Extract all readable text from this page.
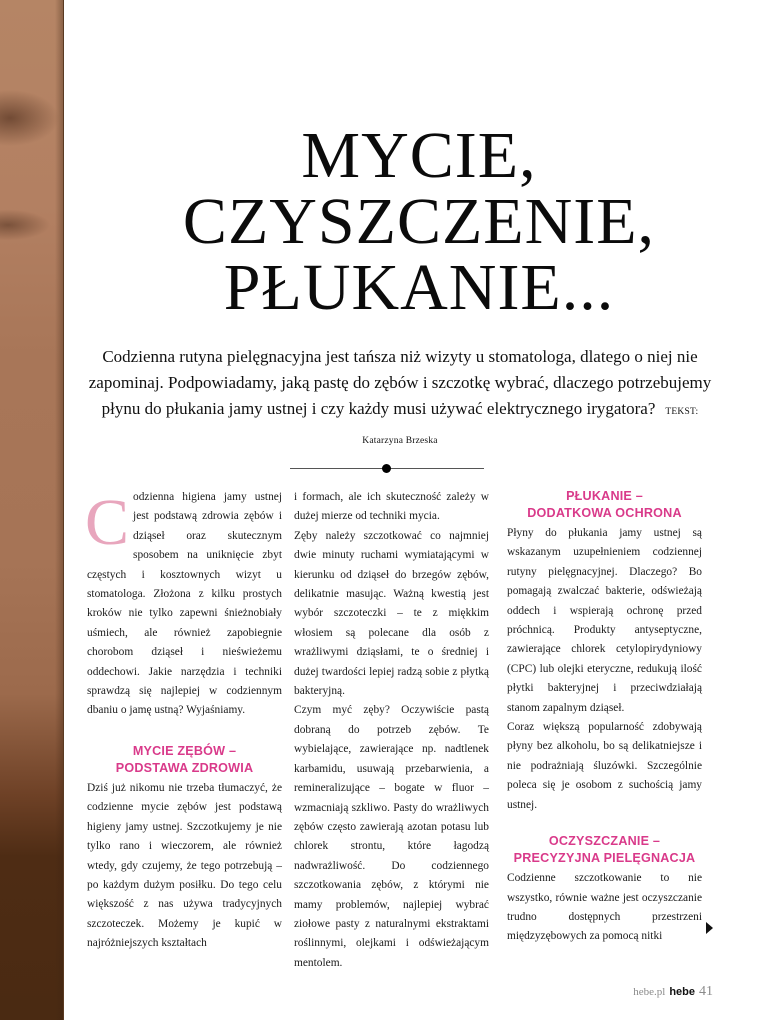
MYCIE,
CZYSZCZENIE,
PŁUKANIE...

Codzienna rutyna pielęgnacyjna jest tańsza niż wizyty u stomatologa, dlatego o niej nie zapominaj. Podpowiadamy, jaką pastę do zębów i szczotkę wybrać, dlaczego potrzebujemy płynu do płukania jamy ustnej i czy każdy musi używać elektrycznego irygatora? TEKST: Katarzyna Brzeska

Codzienna higiena jamy ustnej jest podstawą zdrowia zębów i dziąseł oraz skutecznym sposobem na uniknięcie zbyt częstych i kosztownych wizyt u stomatologa. Złożona z kilku prostych kroków nie tylko zapewni śnieżnobiały uśmiech, ale również zapobiegnie chorobom dziąseł i nieświeżemu oddechowi. Jakie narzędzia i techniki sprawdzą się najlepiej w codziennym dbaniu o jamę ustną? Wyjaśniamy.

MYCIE ZĘBÓW –
PODSTAWA ZDROWIA

Dziś już nikomu nie trzeba tłumaczyć, że codzienne mycie zębów jest podstawą higieny jamy ustnej. Szczotkujemy je nie tylko rano i wieczorem, ale również wtedy, gdy czujemy, że tego potrzebują – po każdym dużym posiłku. Do tego celu większość z nas używa tradycyjnych szczoteczek. Możemy je kupić w najróżniejszych kształtach

i formach, ale ich skuteczność zależy w dużej mierze od techniki mycia.

Zęby należy szczotkować co najmniej dwie minuty ruchami wymiatającymi w kierunku od dziąseł do brzegów zębów, delikatnie masując. Ważną kwestią jest wybór szczoteczki – te z miękkim włosiem są polecane dla osób z wrażliwymi dziąsłami, te o średniej i dużej twardości lepiej radzą sobie z płytką bakteryjną.

Czym myć zęby? Oczywiście pastą dobraną do potrzeb zębów. Te wybielające, zawierające np. nadtlenek karbamidu, usuwają przebarwienia, a remineralizujące – bogate w fluor – wzmacniają szkliwo. Pasty do wrażliwych zębów często zawierają azotan potasu lub chlorek strontu, które łagodzą nadwrażliwość. Do codziennego szczotkowania zębów, z którymi nie mamy problemów, najlepiej wybrać ziołowe pasty z naturalnymi ekstraktami roślinnymi, olejkami i odświeżającym mentolem.

PŁUKANIE –
DODATKOWA OCHRONA

Płyny do płukania jamy ustnej są wskazanym uzupełnieniem codziennej rutyny pielęgnacyjnej. Dlaczego? Bo pomagają zwalczać bakterie, odświeżają oddech i wspierają ochronę przed próchnicą. Produkty antyseptyczne, zawierające chlorek cetylopirydyniowy (CPC) lub olejki eteryczne, redukują ilość płytki bakteryjnej i przeciwdziałają stanom zapalnym dziąseł.

Coraz większą popularność zdobywają płyny bez alkoholu, bo są delikatniejsze i nie podrażniają śluzówki. Szczególnie poleca się je osobom z suchością jamy ustnej.

OCZYSZCZANIE –
PRECYZYJNA PIELĘGNACJA

Codzienne szczotkowanie to nie wszystko, równie ważne jest oczyszczanie trudno dostępnych przestrzeni międzyzębowych za pomocą nitki

hebe.pl hebe 41
